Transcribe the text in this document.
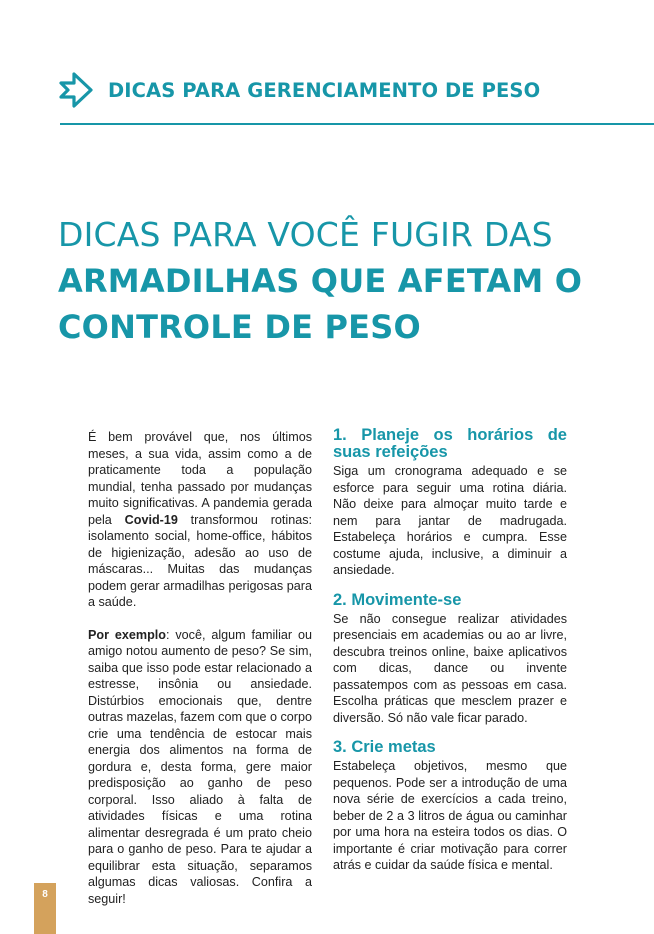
DICAS PARA GERENCIAMENTO DE PESO
DICAS PARA VOCÊ FUGIR DAS
ARMADILHAS QUE AFETAM O
CONTROLE DE PESO

É bem provável que, nos últimos meses, a sua vida, assim como a de praticamente toda a população mundial, tenha passado por mudanças muito significativas. A pandemia gerada pela Covid-19 transformou rotinas: isolamento social, home-office, hábitos de higienização, adesão ao uso de máscaras... Muitas das mudanças podem gerar armadilhas perigosas para a saúde.

Por exemplo: você, algum familiar ou amigo notou aumento de peso? Se sim, saiba que isso pode estar relacionado a estresse, insônia ou ansiedade. Distúrbios emocionais que, dentre outras mazelas, fazem com que o corpo crie uma tendência de estocar mais energia dos alimentos na forma de gordura e, desta forma, gere maior predisposição ao ganho de peso corporal. Isso aliado à falta de atividades físicas e uma rotina alimentar desregrada é um prato cheio para o ganho de peso. Para te ajudar a equilibrar esta situação, separamos algumas dicas valiosas. Confira a seguir!

1. Planeje os horários de
suas refeições

Siga um cronograma adequado e se esforce para seguir uma rotina diária. Não deixe para almoçar muito tarde e nem para jantar de madrugada. Estabeleça horários e cumpra. Esse costume ajuda, inclusive, a diminuir a ansiedade.

2. Movimente-se

Se não consegue realizar atividades presenciais em academias ou ao ar livre, descubra treinos online, baixe aplicativos com dicas, dance ou invente passatempos com as pessoas em casa. Escolha práticas que mesclem prazer e diversão. Só não vale ficar parado.

3. Crie metas

Estabeleça objetivos, mesmo que pequenos. Pode ser a introdução de uma nova série de exercícios a cada treino, beber de 2 a 3 litros de água ou caminhar por uma hora na esteira todos os dias. O importante é criar motivação para correr atrás e cuidar da saúde física e mental.

8
